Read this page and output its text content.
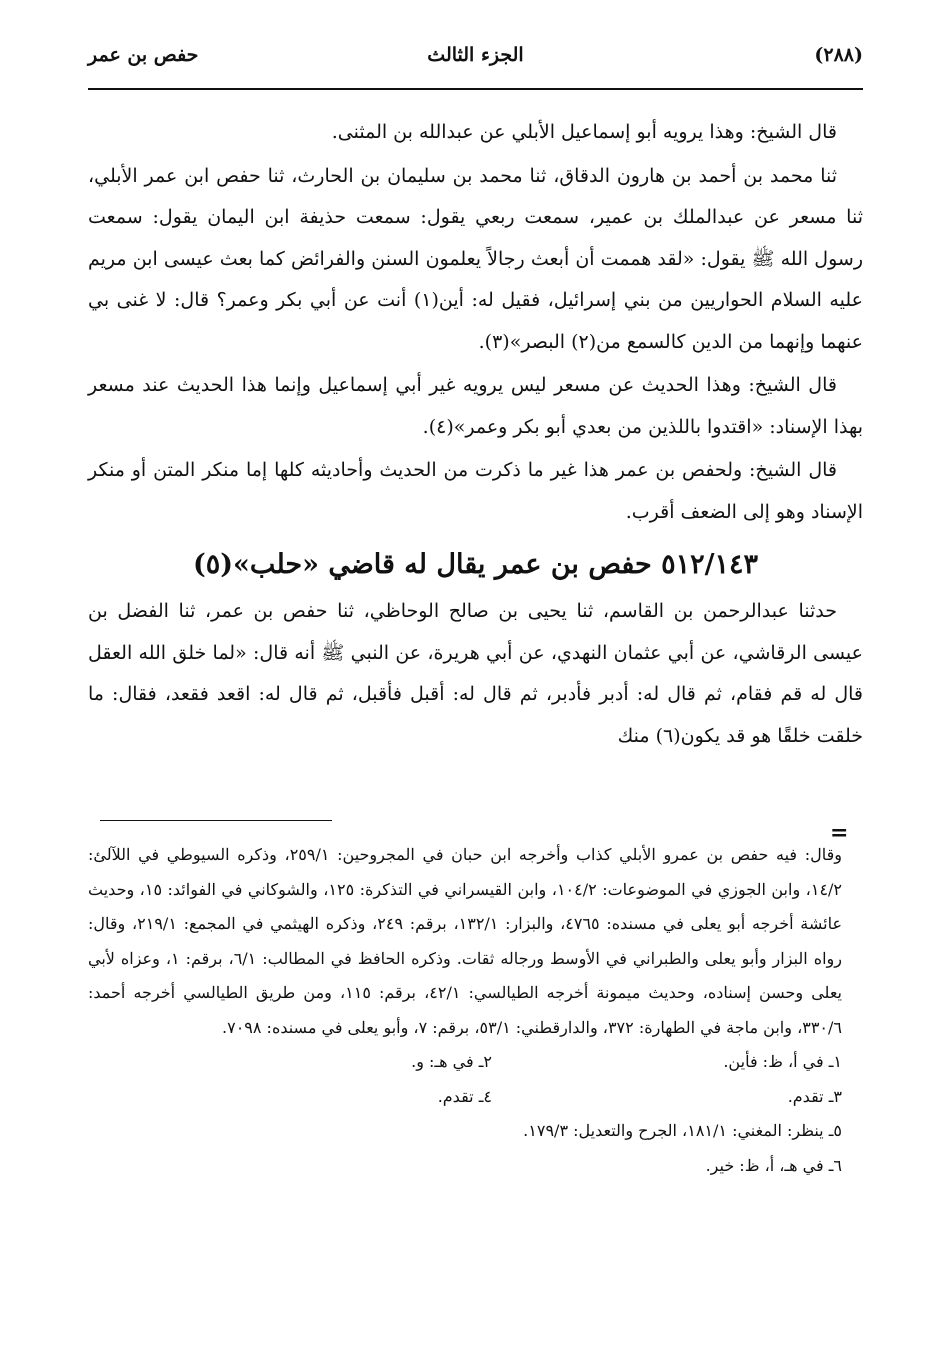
(٢٨٨)
الجزء الثالث
حفص بن عمر

قال الشيخ: وهذا يرويه أبو إسماعيل الأبلي عن عبدالله بن المثنى.

ثنا محمد بن أحمد بن هارون الدقاق، ثنا محمد بن سليمان بن الحارث، ثنا حفص ابن عمر الأبلي، ثنا مسعر عن عبدالملك بن عمير، سمعت ربعي يقول: سمعت حذيفة ابن اليمان يقول: سمعت رسول الله ﷺ يقول: «لقد هممت أن أبعث رجالاً يعلمون السنن والفرائض كما بعث عيسى ابن مريم عليه السلام الحواريين من بني إسرائيل، فقيل له: أين(١) أنت عن أبي بكر وعمر؟ قال: لا غنى بي عنهما وإنهما من الدين كالسمع من(٢) البصر»(٣).

قال الشيخ: وهذا الحديث عن مسعر ليس يرويه غير أبي إسماعيل وإنما هذا الحديث عند مسعر بهذا الإسناد: «اقتدوا باللذين من بعدي أبو بكر وعمر»(٤).

قال الشيخ: ولحفص بن عمر هذا غير ما ذكرت من الحديث وأحاديثه كلها إما منكر المتن أو منكر الإسناد وهو إلى الضعف أقرب.

٥١٢/١٤٣ حفص بن عمر يقال له قاضي «حلب»(٥)

حدثنا عبدالرحمن بن القاسم، ثنا يحيى بن صالح الوحاظي، ثنا حفص بن عمر، ثنا الفضل بن عيسى الرقاشي، عن أبي عثمان النهدي، عن أبي هريرة، عن النبي ﷺ أنه قال: «لما خلق الله العقل قال له قم فقام، ثم قال له: أدبر فأدبر، ثم قال له: أقبل فأقبل، ثم قال له: اقعد فقعد، فقال: ما خلقت خلقًا هو قد يكون(٦) منك

=

وقال: فيه حفص بن عمرو الأبلي كذاب وأخرجه ابن حبان في المجروحين: ٢٥٩/١، وذكره السيوطي في اللآلئ: ١٤/٢، وابن الجوزي في الموضوعات: ١٠٤/٢، وابن القيسراني في التذكرة: ١٢٥، والشوكاني في الفوائد: ١٥، وحديث عائشة أخرجه أبو يعلى في مسنده: ٤٧٦٥، والبزار: ١٣٢/١، برقم: ٢٤٩، وذكره الهيثمي في المجمع: ٢١٩/١، وقال: رواه البزار وأبو يعلى والطبراني في الأوسط ورجاله ثقات. وذكره الحافظ في المطالب: ٦/١، برقم: ١، وعزاه لأبي يعلى وحسن إسناده، وحديث ميمونة أخرجه الطيالسي: ٤٢/١، برقم: ١١٥، ومن طريق الطيالسي أخرجه أحمد: ٣٣٠/٦، وابن ماجة في الطهارة: ٣٧٢، والدارقطني: ٥٣/١، برقم: ٧، وأبو يعلى في مسنده: ٧٠٩٨.

١ـ في أ، ظ: فأين.
٢ـ في هـ: و.
٣ـ تقدم.
٤ـ تقدم.

٥ـ ينظر: المغني: ١٨١/١، الجرح والتعديل: ١٧٩/٣.

٦ـ في هـ، أ، ظ: خير.
